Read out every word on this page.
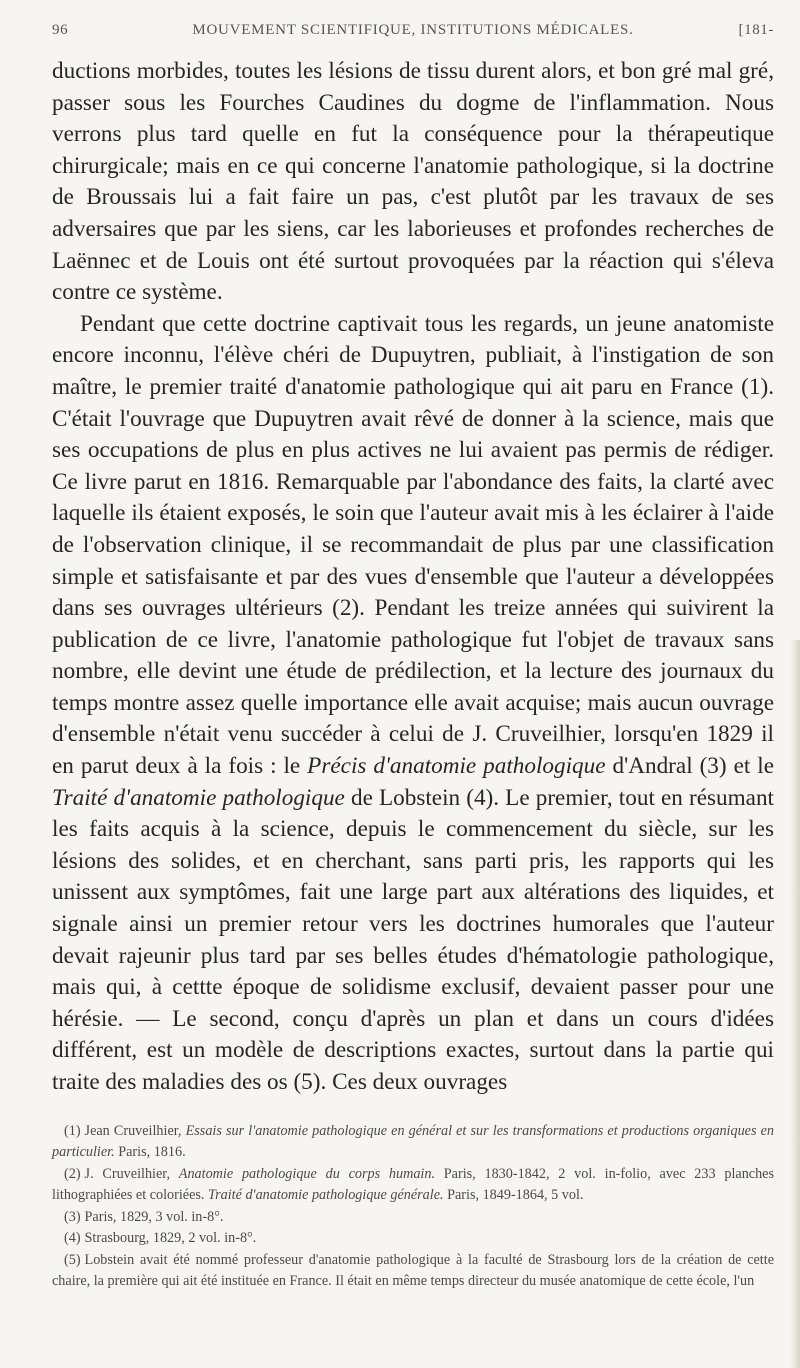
96	MOUVEMENT SCIENTIFIQUE, INSTITUTIONS MÉDICALES.	[181-

ductions morbides, toutes les lésions de tissu durent alors, et bon gré mal gré, passer sous les Fourches Caudines du dogme de l'inflammation. Nous verrons plus tard quelle en fut la conséquence pour la thérapeutique chirurgicale; mais en ce qui concerne l'anatomie pathologique, si la doctrine de Broussais lui a fait faire un pas, c'est plutôt par les travaux de ses adversaires que par les siens, car les laborieuses et profondes recherches de Laënnec et de Louis ont été surtout provoquées par la réaction qui s'éleva contre ce système.

Pendant que cette doctrine captivait tous les regards, un jeune anatomiste encore inconnu, l'élève chéri de Dupuytren, publiait, à l'instigation de son maître, le premier traité d'anatomie pathologique qui ait paru en France (1). C'était l'ouvrage que Dupuytren avait rêvé de donner à la science, mais que ses occupations de plus en plus actives ne lui avaient pas permis de rédiger. Ce livre parut en 1816. Remarquable par l'abondance des faits, la clarté avec laquelle ils étaient exposés, le soin que l'auteur avait mis à les éclairer à l'aide de l'observation clinique, il se recommandait de plus par une classification simple et satisfaisante et par des vues d'ensemble que l'auteur a développées dans ses ouvrages ultérieurs (2). Pendant les treize années qui suivirent la publication de ce livre, l'anatomie pathologique fut l'objet de travaux sans nombre, elle devint une étude de prédilection, et la lecture des journaux du temps montre assez quelle importance elle avait acquise; mais aucun ouvrage d'ensemble n'était venu succéder à celui de J. Cruveilhier, lorsqu'en 1829 il en parut deux à la fois : le Précis d'anatomie pathologique d'Andral (3) et le Traité d'anatomie pathologique de Lobstein (4). Le premier, tout en résumant les faits acquis à la science, depuis le commencement du siècle, sur les lésions des solides, et en cherchant, sans parti pris, les rapports qui les unissent aux symptômes, fait une large part aux altérations des liquides, et signale ainsi un premier retour vers les doctrines humorales que l'auteur devait rajeunir plus tard par ses belles études d'hématologie pathologique, mais qui, à cettte époque de solidisme exclusif, devaient passer pour une hérésie. — Le second, conçu d'après un plan et dans un cours d'idées différent, est un modèle de descriptions exactes, surtout dans la partie qui traite des maladies des os (5). Ces deux ouvrages

(1) Jean Cruveilhier, Essais sur l'anatomie pathologique en général et sur les transformations et productions organiques en particulier. Paris, 1816.

(2) J. Cruveilhier, Anatomie pathologique du corps humain. Paris, 1830-1842, 2 vol. in-folio, avec 233 planches lithographiées et coloriées. Traité d'anatomie pathologique générale. Paris, 1849-1864, 5 vol.

(3) Paris, 1829, 3 vol. in-8°.

(4) Strasbourg, 1829, 2 vol. in-8°.

(5) Lobstein avait été nommé professeur d'anatomie pathologique à la faculté de Strasbourg lors de la création de cette chaire, la première qui ait été instituée en France. Il était en même temps directeur du musée anatomique de cette école, l'un
